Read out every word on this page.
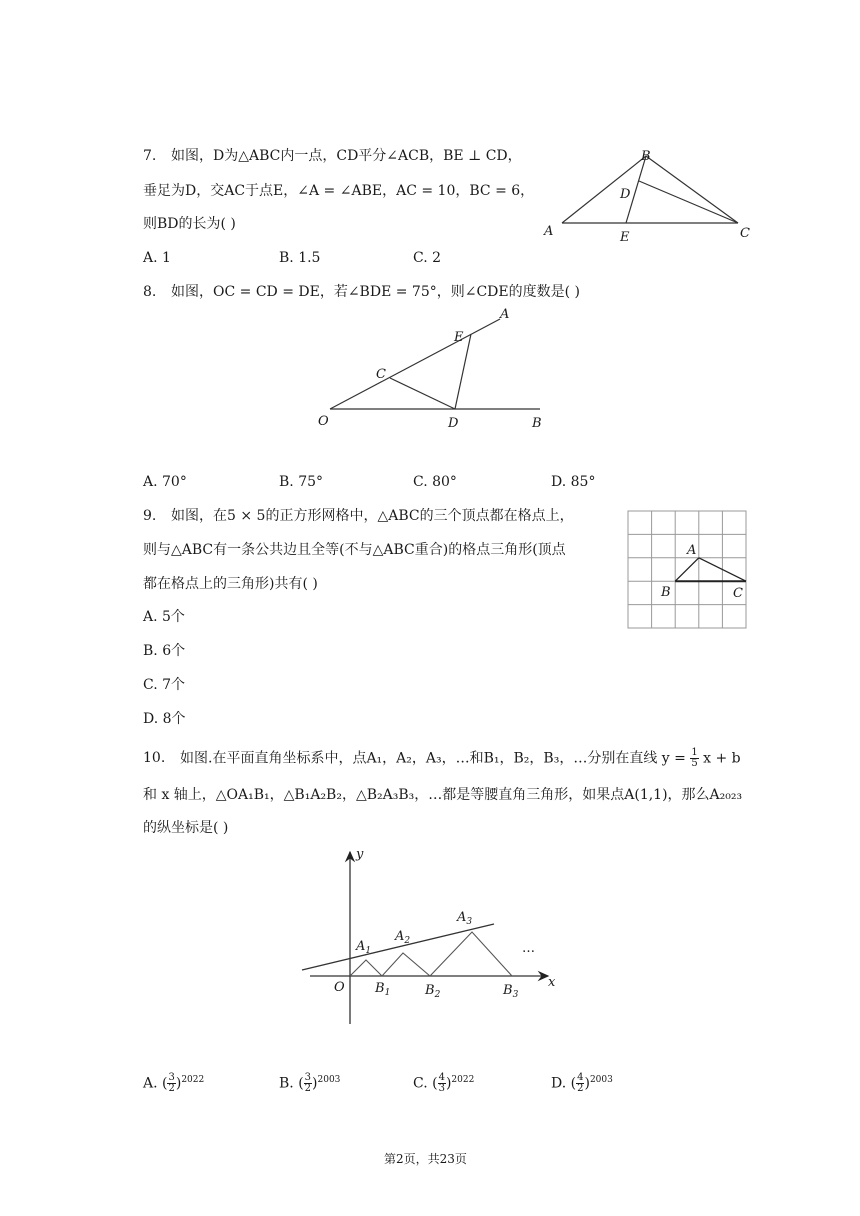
7. 如图，D为△ABC内一点，CD平分∠ACB，BE ⊥ CD，
垂足为D，交AC于点E，∠A = ∠ABE，AC = 10，BC = 6，
则BD的长为( )
A. 1	B. 1.5	C. 2
A
B
C
D
E
8. 如图，OC = CD = DE，若∠BDE = 75°，则∠CDE的度数是( )
O
C
D
E
A
B
A. 70°	B. 75°	C. 80°	D. 85°
9. 如图，在5 × 5的正方形网格中，△ABC的三个顶点都在格点上，
则与△ABC有一条公共边且全等(不与△ABC重合)的格点三角形(顶点
都在格点上的三角形)共有( )
A. 5个
B. 6个
C. 7个
D. 8个
A
B	C
10. 如图.在平面直角坐标系中，点A₁，A₂，A₃，…和B₁，B₂，B₃，…分别在直线 $y = \frac{1}{5}$ x + b
和 x 轴上，△OA₁B₁，△B₁A₂B₂，△B₂A₃B₃，…都是等腰直角三角形，如果点A(1,1)，那么A₂₀₂₃
的纵坐标是( )
y
x
O
$A_1$
$A_2$
$A_3$
$B_1$	$B_2$	$B_3$
…
A. ( $\frac{3}{2} )^{2022}$	B. ( $\frac{3}{2} )^{2003}$	C. ( $\frac{4}{3} )^{2022}$	D. ( $\frac{4}{2} )^{2003}$
第2页，共23页
